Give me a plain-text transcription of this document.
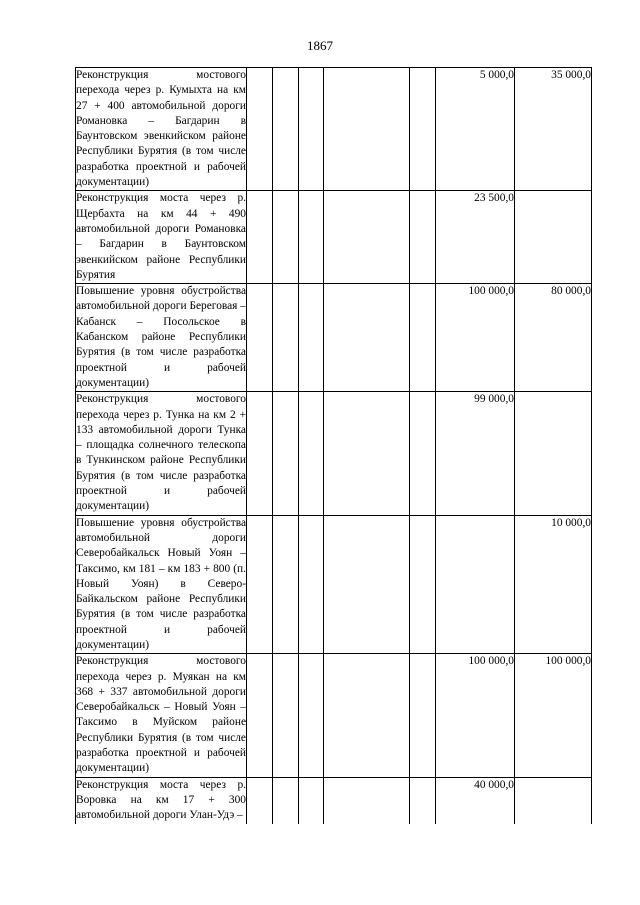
1867
Реконструкция мостового перехода через р. Кумыхта на км 27 + 400 автомобильной дороги Романовка – Багдарин в Баунтовском эвенкийском районе Республики Бурятия (в том числе разработка проектной и рабочей документации)						5 000,0	35 000,0
Реконструкция моста через р. Щербахта на км 44 + 490 автомобильной дороги Романовка – Багдарин в Баунтовском эвенкийском районе Республики Бурятия						23 500,0	
Повышение уровня обустройства автомобильной дороги Береговая – Кабанск – Посольское в Кабанском районе Республики Бурятия (в том числе разработка проектной и рабочей документации)						100 000,0	80 000,0
Реконструкция мостового перехода через р. Тунка на км 2 + 133 автомобильной дороги Тунка – площадка солнечного телескопа в Тункинском районе Республики Бурятия (в том числе разработка проектной и рабочей документации)						99 000,0	
Повышение уровня обустройства автомобильной дороги Северобайкальск Новый Уоян – Таксимо, км 181 – км 183 + 800 (п. Новый Уоян) в Северо-Байкальском районе Республики Бурятия (в том числе разработка проектной и рабочей документации)							10 000,0
Реконструкция мостового перехода через р. Муякан на км 368 + 337 автомобильной дороги Северобайкальск – Новый Уоян – Таксимо в Муйском районе Республики Бурятия (в том числе разработка проектной и рабочей документации)						100 000,0	100 000,0

Реконструкция моста через р. Воровка на км 17 + 300 автомобильной дороги Улан-Удэ –						40 000,0	
